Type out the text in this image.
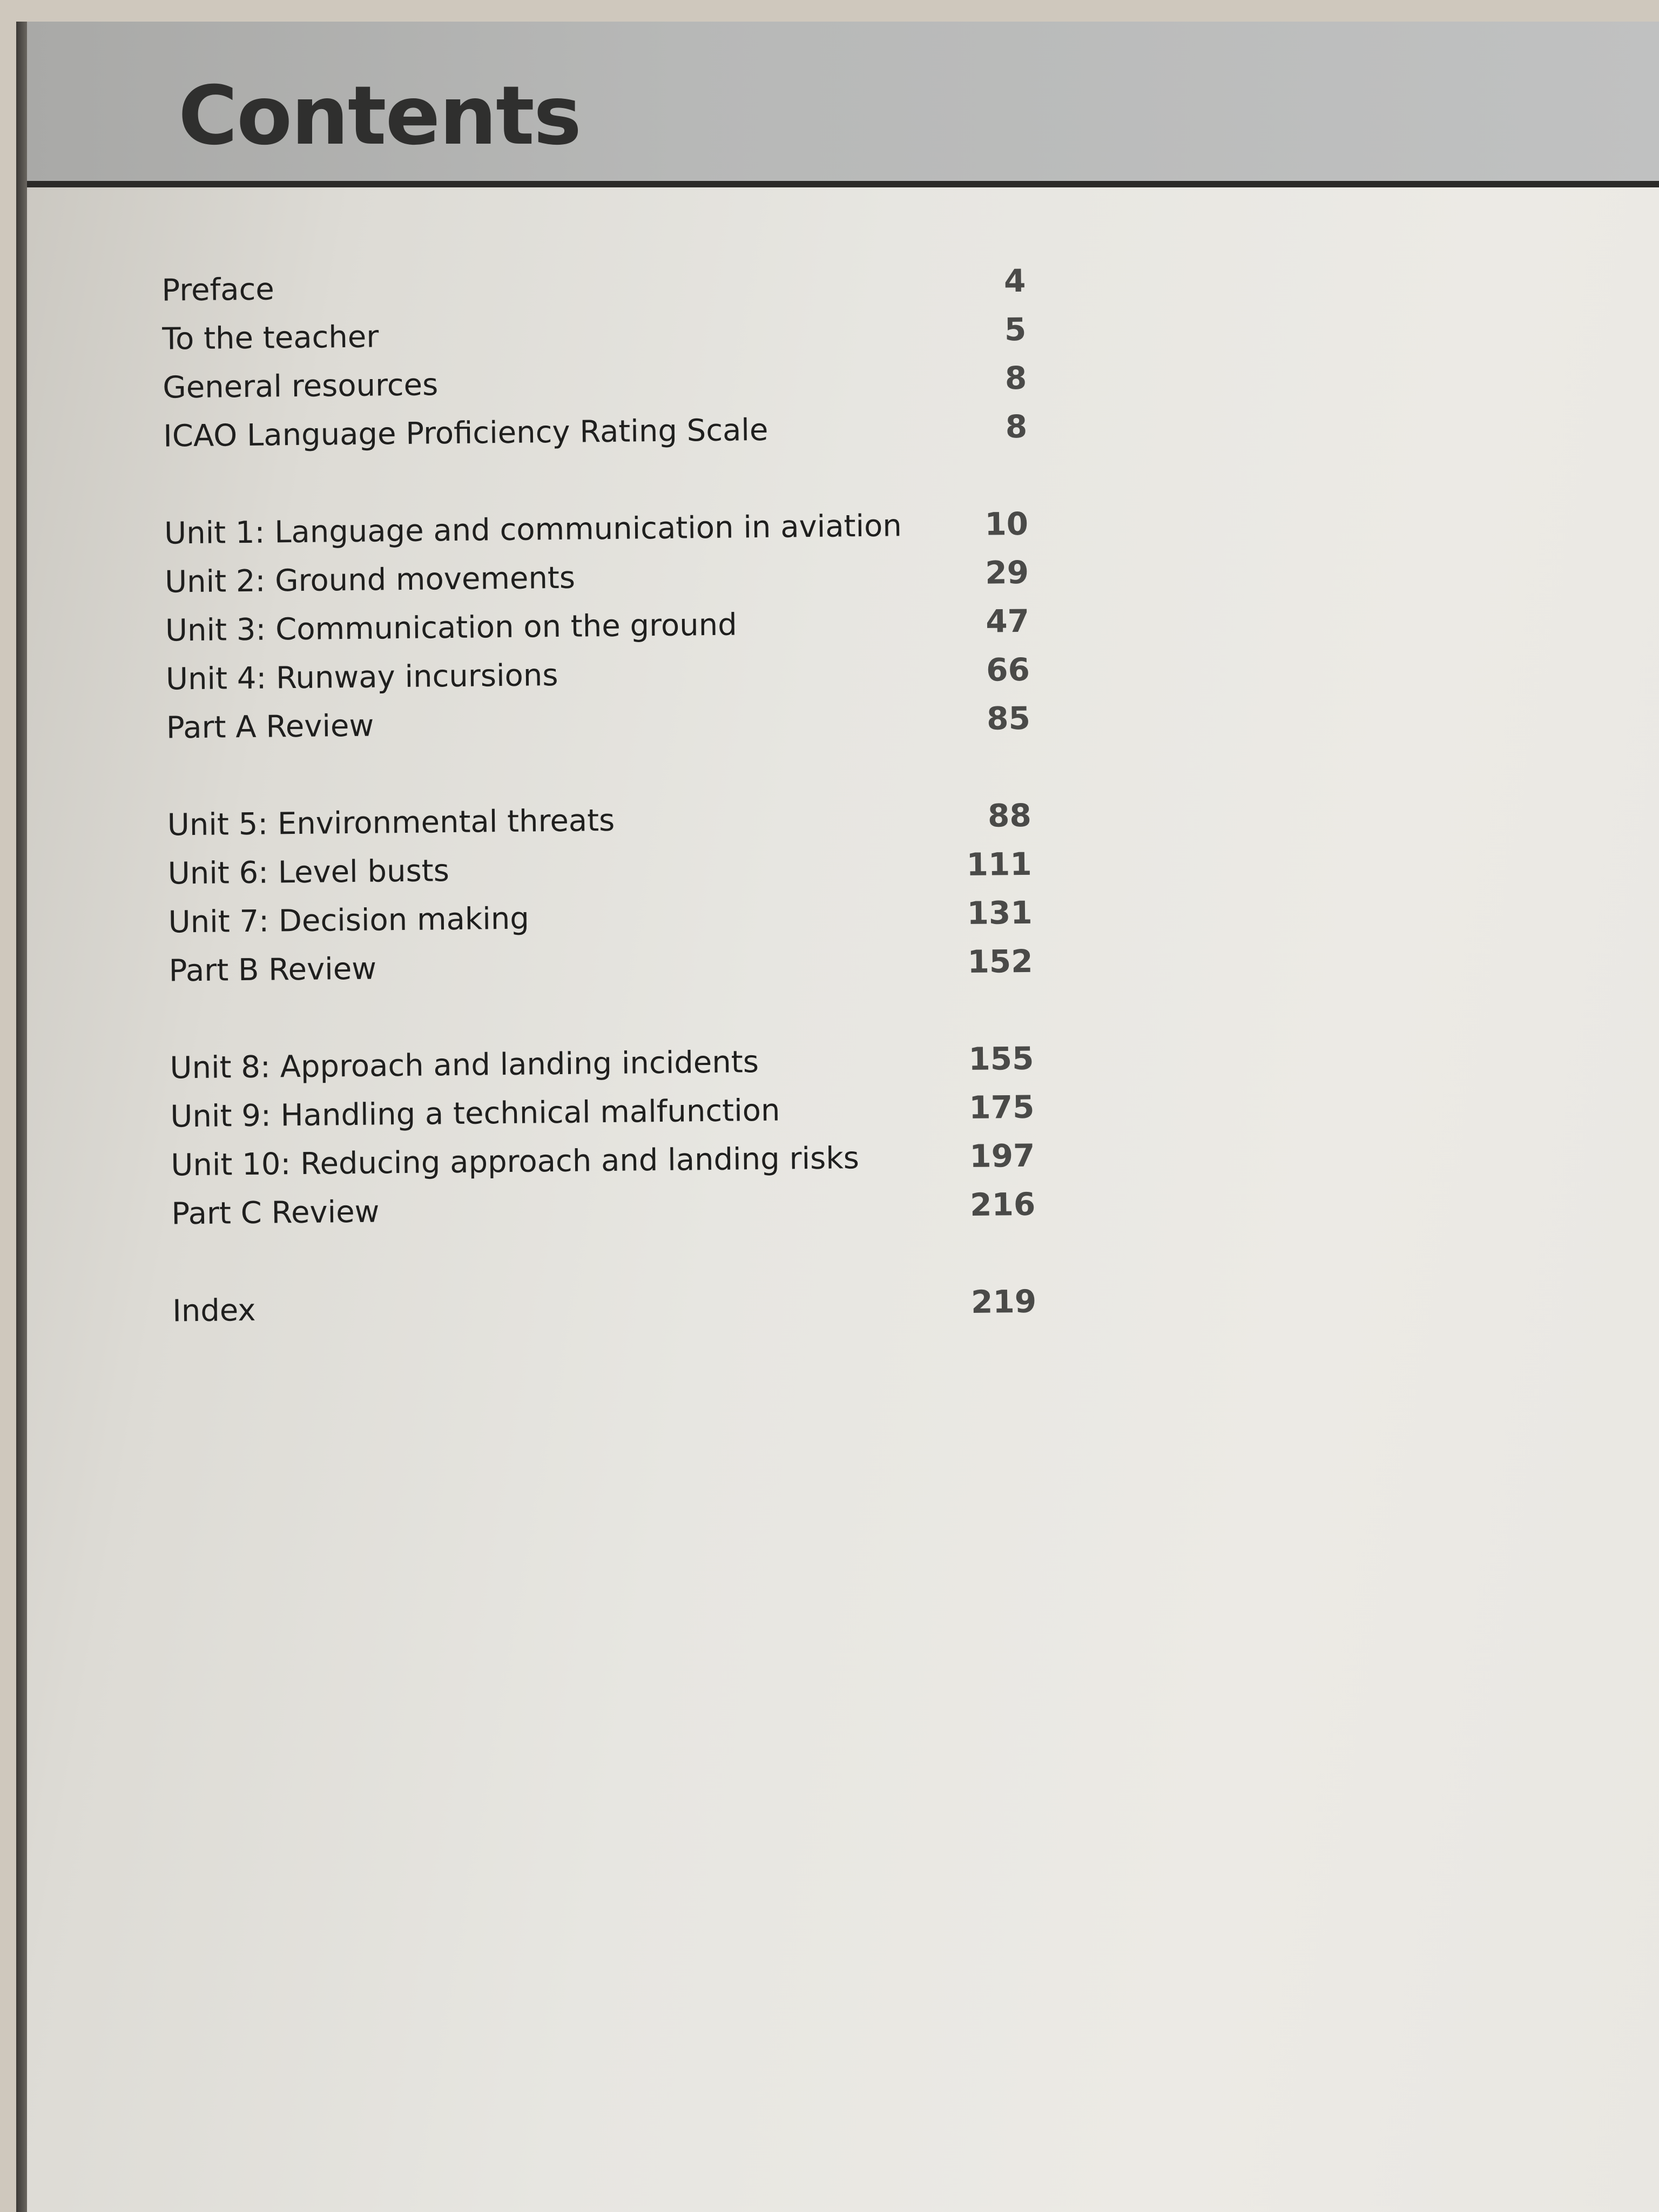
Contents
Preface	4
To the teacher	5
General resources	8
ICAO Language Proficiency Rating Scale	8
Unit 1: Language and communication in aviation	10
Unit 2: Ground movements	29
Unit 3: Communication on the ground	47
Unit 4: Runway incursions	66
Part A Review	85
Unit 5: Environmental threats	88
Unit 6: Level busts	111
Unit 7: Decision making	131
Part B Review	152
Unit 8: Approach and landing incidents	155
Unit 9: Handling a technical malfunction	175
Unit 10: Reducing approach and landing risks	197
Part C Review	216
Index	219
